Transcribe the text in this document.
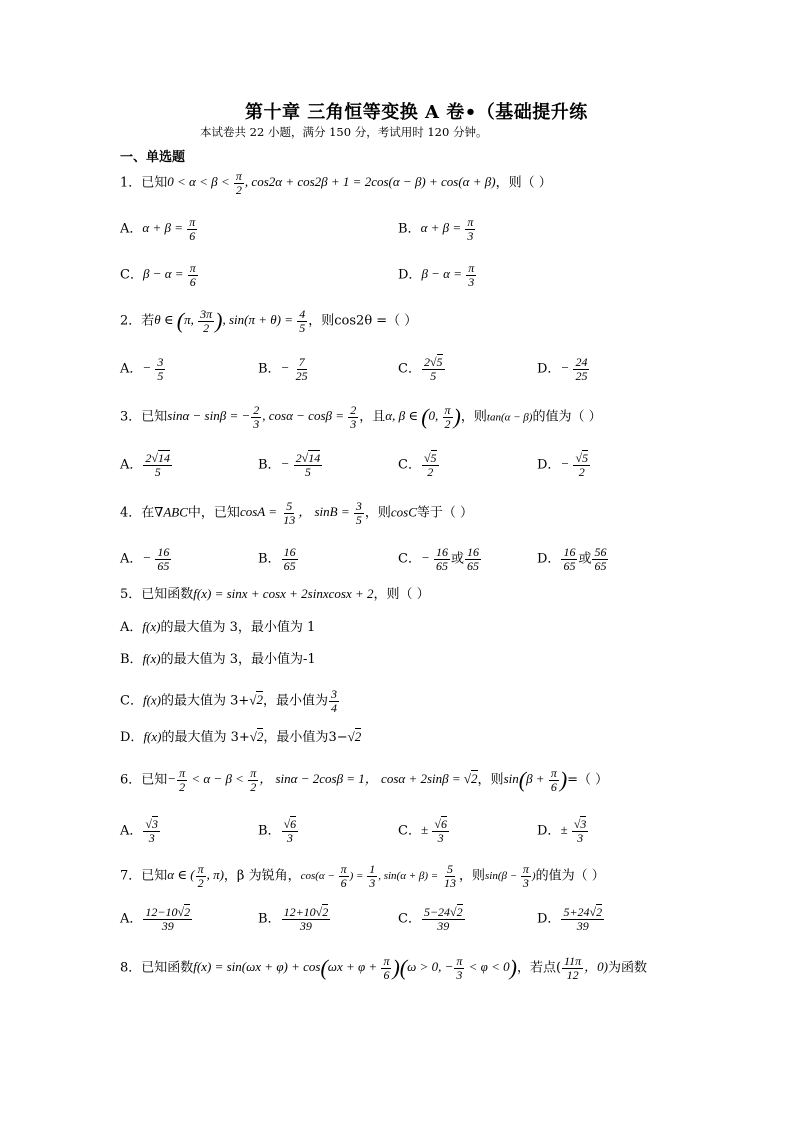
第十章 三角恒等变换 A 卷•（基础提升练
本试卷共 22 小题，满分 150 分，考试用时 120 分钟。
一、单选题
1．已知$0 < \alpha < \beta < \frac{\pi}{2}$ , cos2α + cos2β + 1 = 2cos(α − β) + cos(α + β)，则（ ）
A．$\alpha + \beta = \frac{\pi}{6}$	B．$\alpha + \beta = \frac{\pi}{3}$
C．$\beta - \alpha = \frac{\pi}{6}$	D．$\beta - \alpha = \frac{\pi}{3}$
2．若θ ∈ (π, $\frac{3\pi}{2}$ ), $\sin(\pi + \theta) = \frac{4}{5}$ ，则cos2θ =（ ）
A．− $\frac{3}{5}$	B．− $\frac{7}{25}$	C． $\frac{2√5}{5}$	D．− $\frac{24}{25}$
3．已知sinα − sinβ = − $\frac{2}{3}$ , $\cos\alpha - \cos\beta = \frac{2}{3}$ ，且α, β ∈ (0, $\frac{\pi}{2}$ )，则tan(α − β)的值为（ ）
A． $\frac{2√14}{5}$	B．− $\frac{2√14}{5}$	C． $\frac{√5}{2}$	D．− $\frac{√5}{2}$
4．在∇ABC中，已知$\cos A = \frac{5}{13}$ ， $\sin B = \frac{3}{5}$ ，则cosC等于（ ）
A．− $\frac{16}{65}$	B． $\frac{16}{65}$	C．− $\frac{16}{65}$ 或 $\frac{16}{65}$	D． $\frac{16}{65}$ 或 $\frac{56}{65}$
5．已知函数f(x) = sinx + cosx + 2sinxcosx + 2，则（ ）
A．f(x)的最大值为 3，最小值为 1
B．f(x)的最大值为 3，最小值为-1
C．f(x)的最大值为 3+√2，最小值为 $\frac{3}{4}$
D．f(x)的最大值为 3+√2，最小值为3−√2
6．已知− $\frac{\pi}{2} < \alpha - \beta < \frac{\pi}{2}$ ， sinα − 2cosβ = 1， cosα + 2sinβ = √2，则$\sin(\beta + \frac{\pi}{6}$ )=（ ）
A． $\frac{√3}{3}$	B． $\frac{√6}{3}$	C．± $\frac{√6}{3}$	D．± $\frac{√3}{3}$
7．已知α ∈ ( $\frac{\pi}{2}$ , π)，β 为锐角，$\cos(\alpha - \frac{\pi}{6}$ ) = $\frac{1}{3}$ , $\sin(\alpha + \beta) = \frac{5}{13}$ ，则$\sin(\beta - \frac{\pi}{3}$ )的值为（ ）
A． $\frac{12-10√2}{39}$	B． $\frac{12+10√2}{39}$	C． $\frac{5-24√2}{39}$	D． $\frac{5+24√2}{39}$
8．已知函数$f(x) = \sin(\omega x + \varphi) + \cos(\omega x + \varphi + \frac{\pi}{6} )(\omega > 0$, − $\frac{\pi}{3} < \varphi < 0$)，若点( $\frac{11\pi}{12}$ ，0)为函数
